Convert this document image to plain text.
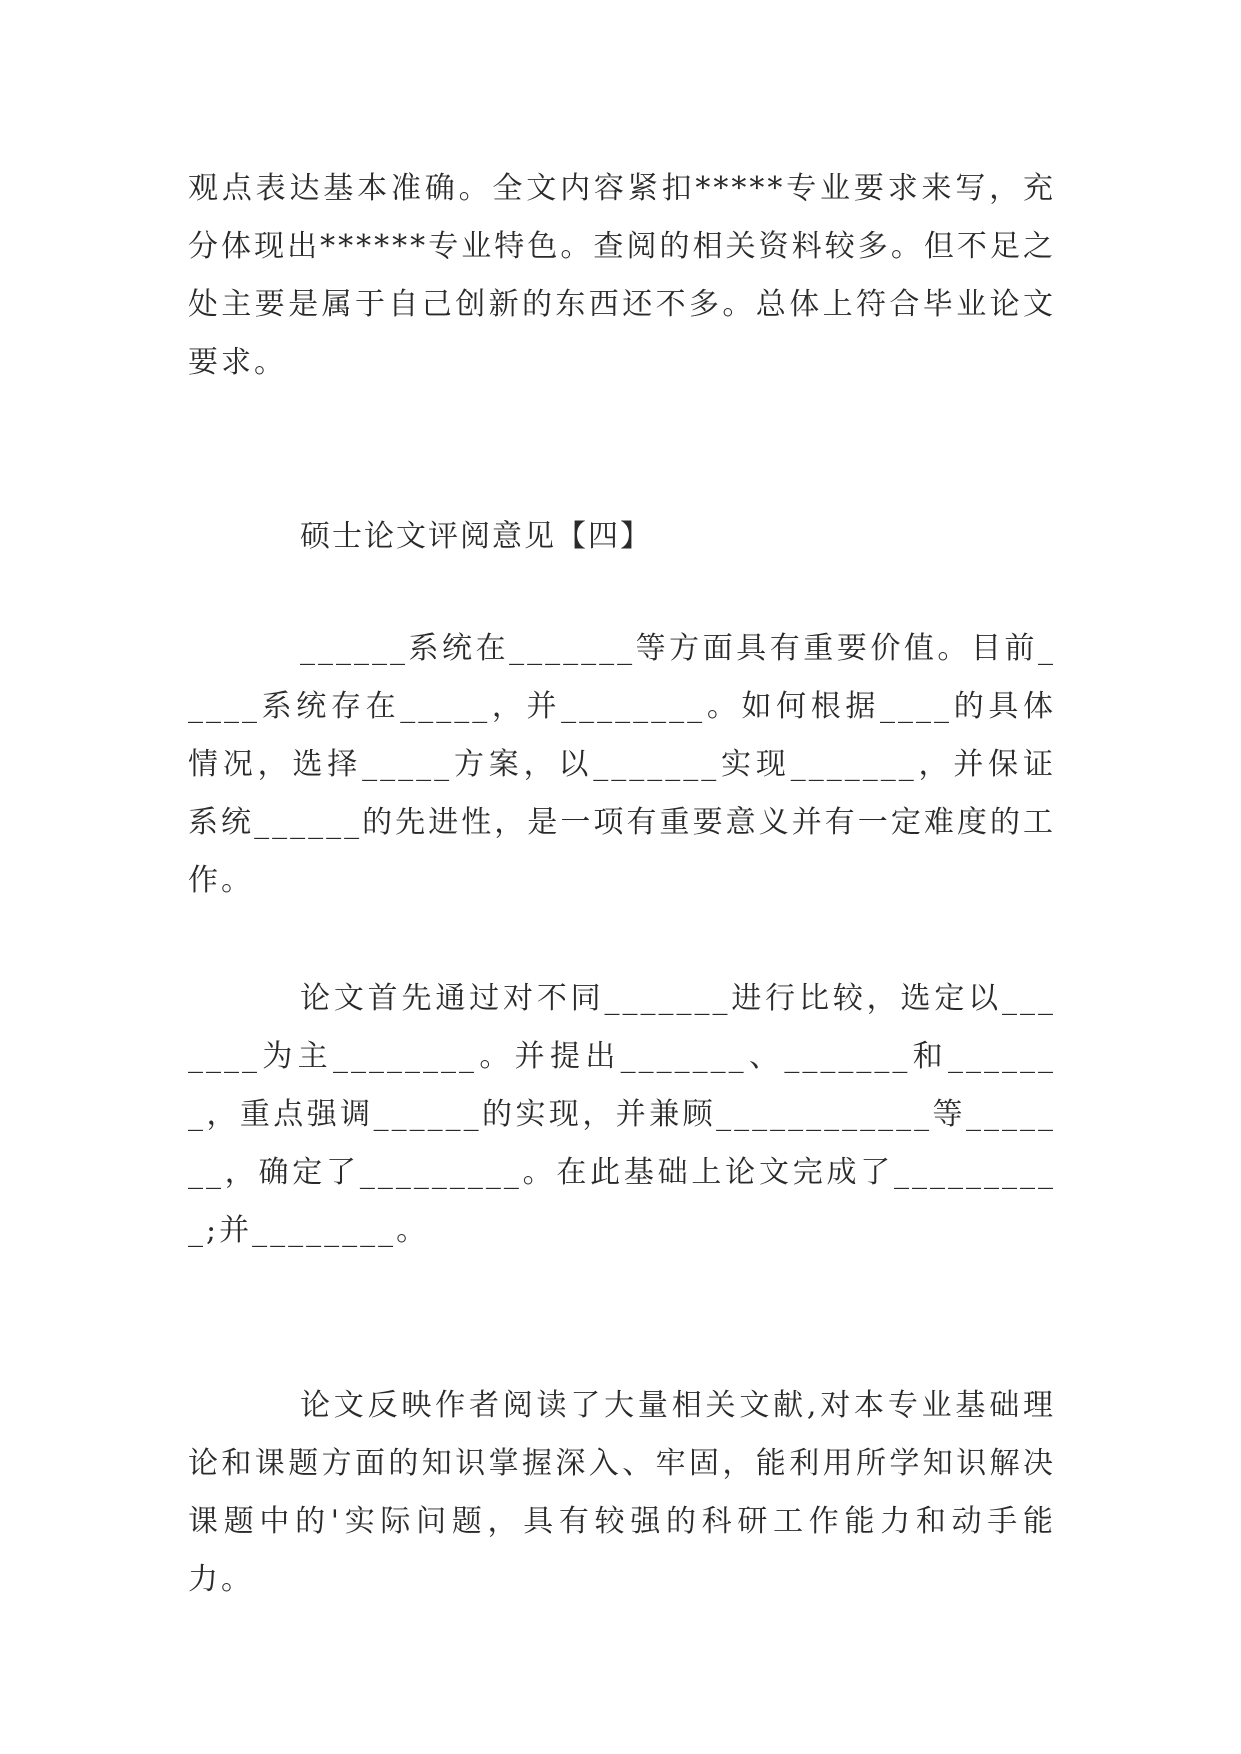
观点表达基本准确。全文内容紧扣*****专业要求来写，充分体现出******专业特色。查阅的相关资料较多。但不足之处主要是属于自己创新的东西还不多。总体上符合毕业论文要求。

硕士论文评阅意见【四】

______系统在_______等方面具有重要价值。目前_____系统存在_____，并________。如何根据____的具体情况，选择_____方案，以_______实现_______，并保证系统______的先进性，是一项有重要意义并有一定难度的工作。

论文首先通过对不同_______进行比较，选定以_______为主________。并提出_______、_______和_______，重点强调______的实现，并兼顾____________等_______，确定了_________。在此基础上论文完成了__________;并________。

论文反映作者阅读了大量相关文献,对本专业基础理论和课题方面的知识掌握深入、牢固，能利用所学知识解决课题中的'实际问题，具有较强的科研工作能力和动手能力。
